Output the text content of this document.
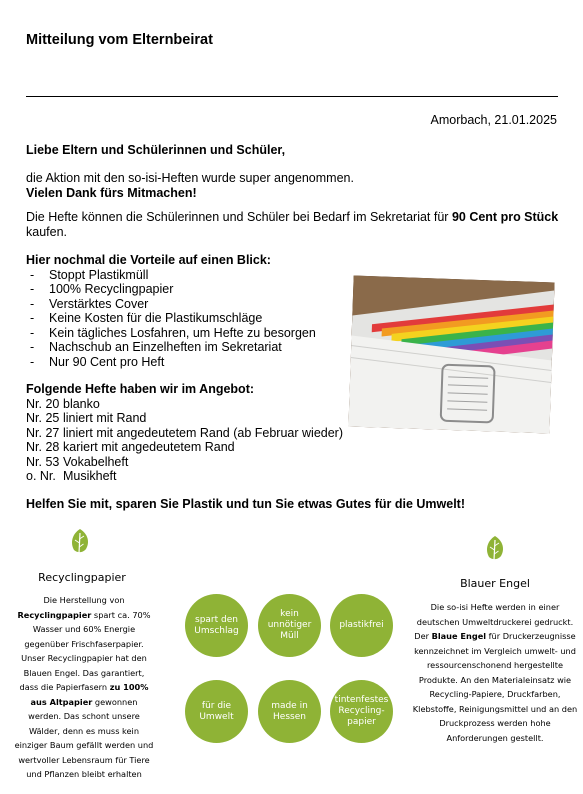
Mitteilung vom Elternbeirat
Amorbach, 21.01.2025
Liebe Eltern und Schülerinnen und Schüler,
die Aktion mit den so-isi-Heften wurde super angenommen.
Vielen Dank fürs Mitmachen!
Die Hefte können die Schülerinnen und Schüler bei Bedarf im Sekretariat für 90 Cent pro Stück
kaufen.
Hier nochmal die Vorteile auf einen Blick:
-	Stoppt Plastikmüll
-	100% Recyclingpapier
-	Verstärktes Cover
-	Keine Kosten für die Plastikumschläge
-	Kein tägliches Losfahren, um Hefte zu besorgen
-	Nachschub an Einzelheften im Sekretariat
-	Nur 90 Cent pro Heft
Folgende Hefte haben wir im Angebot:
Nr. 20 blanko
Nr. 25 liniert mit Rand
Nr. 27 liniert mit angedeutetem Rand (ab Februar wieder)
Nr. 28 kariert mit angedeutetem Rand
Nr. 53 Vokabelheft
o. Nr. Musikheft
Helfen Sie mit, sparen Sie Plastik und tun Sie etwas Gutes für die Umwelt!
Recyclingpapier
Die Herstellung von Recyclingpapier spart ca. 70% Wasser und 60% Energie gegenüber Frischfaserpapier. Unser Recyclingpapier hat den Blauen Engel. Das garantiert, dass die Papierfasern zu 100% aus Altpapier gewonnen werden. Das schont unsere Wälder, denn es muss kein einziger Baum gefällt werden und wertvoller Lebensraum für Tiere und Pflanzen bleibt erhalten
spart den Umschlag
kein unnötiger Müll
plastikfrei
für die Umwelt
made in Hessen
tintenfestes Recycling-papier
Blauer Engel
Die so-isi Hefte werden in einer deutschen Umweltdruckerei gedruckt. Der Blaue Engel für Druckerzeugnisse kennzeichnet im Vergleich umwelt- und ressourcenschonend hergestellte Produkte. An den Materialeinsatz wie Recycling-Papiere, Druckfarben, Klebstoffe, Reinigungsmittel und an den Druckprozess werden hohe Anforderungen gestellt.
